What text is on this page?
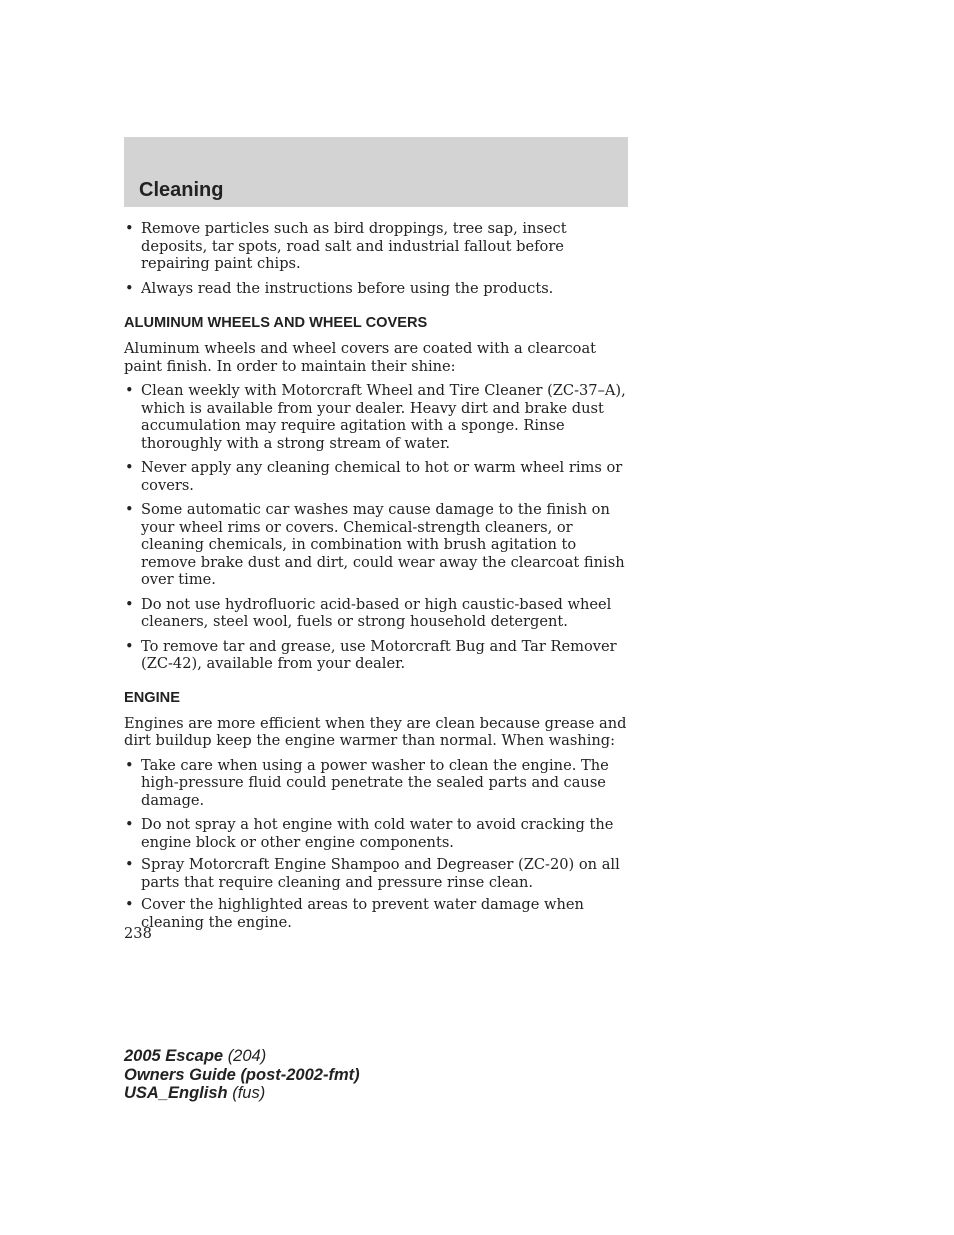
Cleaning
• Remove particles such as bird droppings, tree sap, insect deposits, tar spots, road salt and industrial fallout before repairing paint chips.
• Always read the instructions before using the products.
ALUMINUM WHEELS AND WHEEL COVERS

Aluminum wheels and wheel covers are coated with a clearcoat paint finish. In order to maintain their shine:

• Clean weekly with Motorcraft Wheel and Tire Cleaner (ZC-37–A), which is available from your dealer. Heavy dirt and brake dust accumulation may require agitation with a sponge. Rinse thoroughly with a strong stream of water.
• Never apply any cleaning chemical to hot or warm wheel rims or covers.
• Some automatic car washes may cause damage to the finish on your wheel rims or covers. Chemical-strength cleaners, or cleaning chemicals, in combination with brush agitation to remove brake dust and dirt, could wear away the clearcoat finish over time.
• Do not use hydrofluoric acid-based or high caustic-based wheel cleaners, steel wool, fuels or strong household detergent.
• To remove tar and grease, use Motorcraft Bug and Tar Remover (ZC-42), available from your dealer.
ENGINE

Engines are more efficient when they are clean because grease and dirt buildup keep the engine warmer than normal. When washing:

• Take care when using a power washer to clean the engine. The high-pressure fluid could penetrate the sealed parts and cause damage.
• Do not spray a hot engine with cold water to avoid cracking the engine block or other engine components.
• Spray Motorcraft Engine Shampoo and Degreaser (ZC-20) on all parts that require cleaning and pressure rinse clean.
• Cover the highlighted areas to prevent water damage when cleaning the engine.
238
2005 Escape (204)
Owners Guide (post-2002-fmt)
USA_English (fus)
